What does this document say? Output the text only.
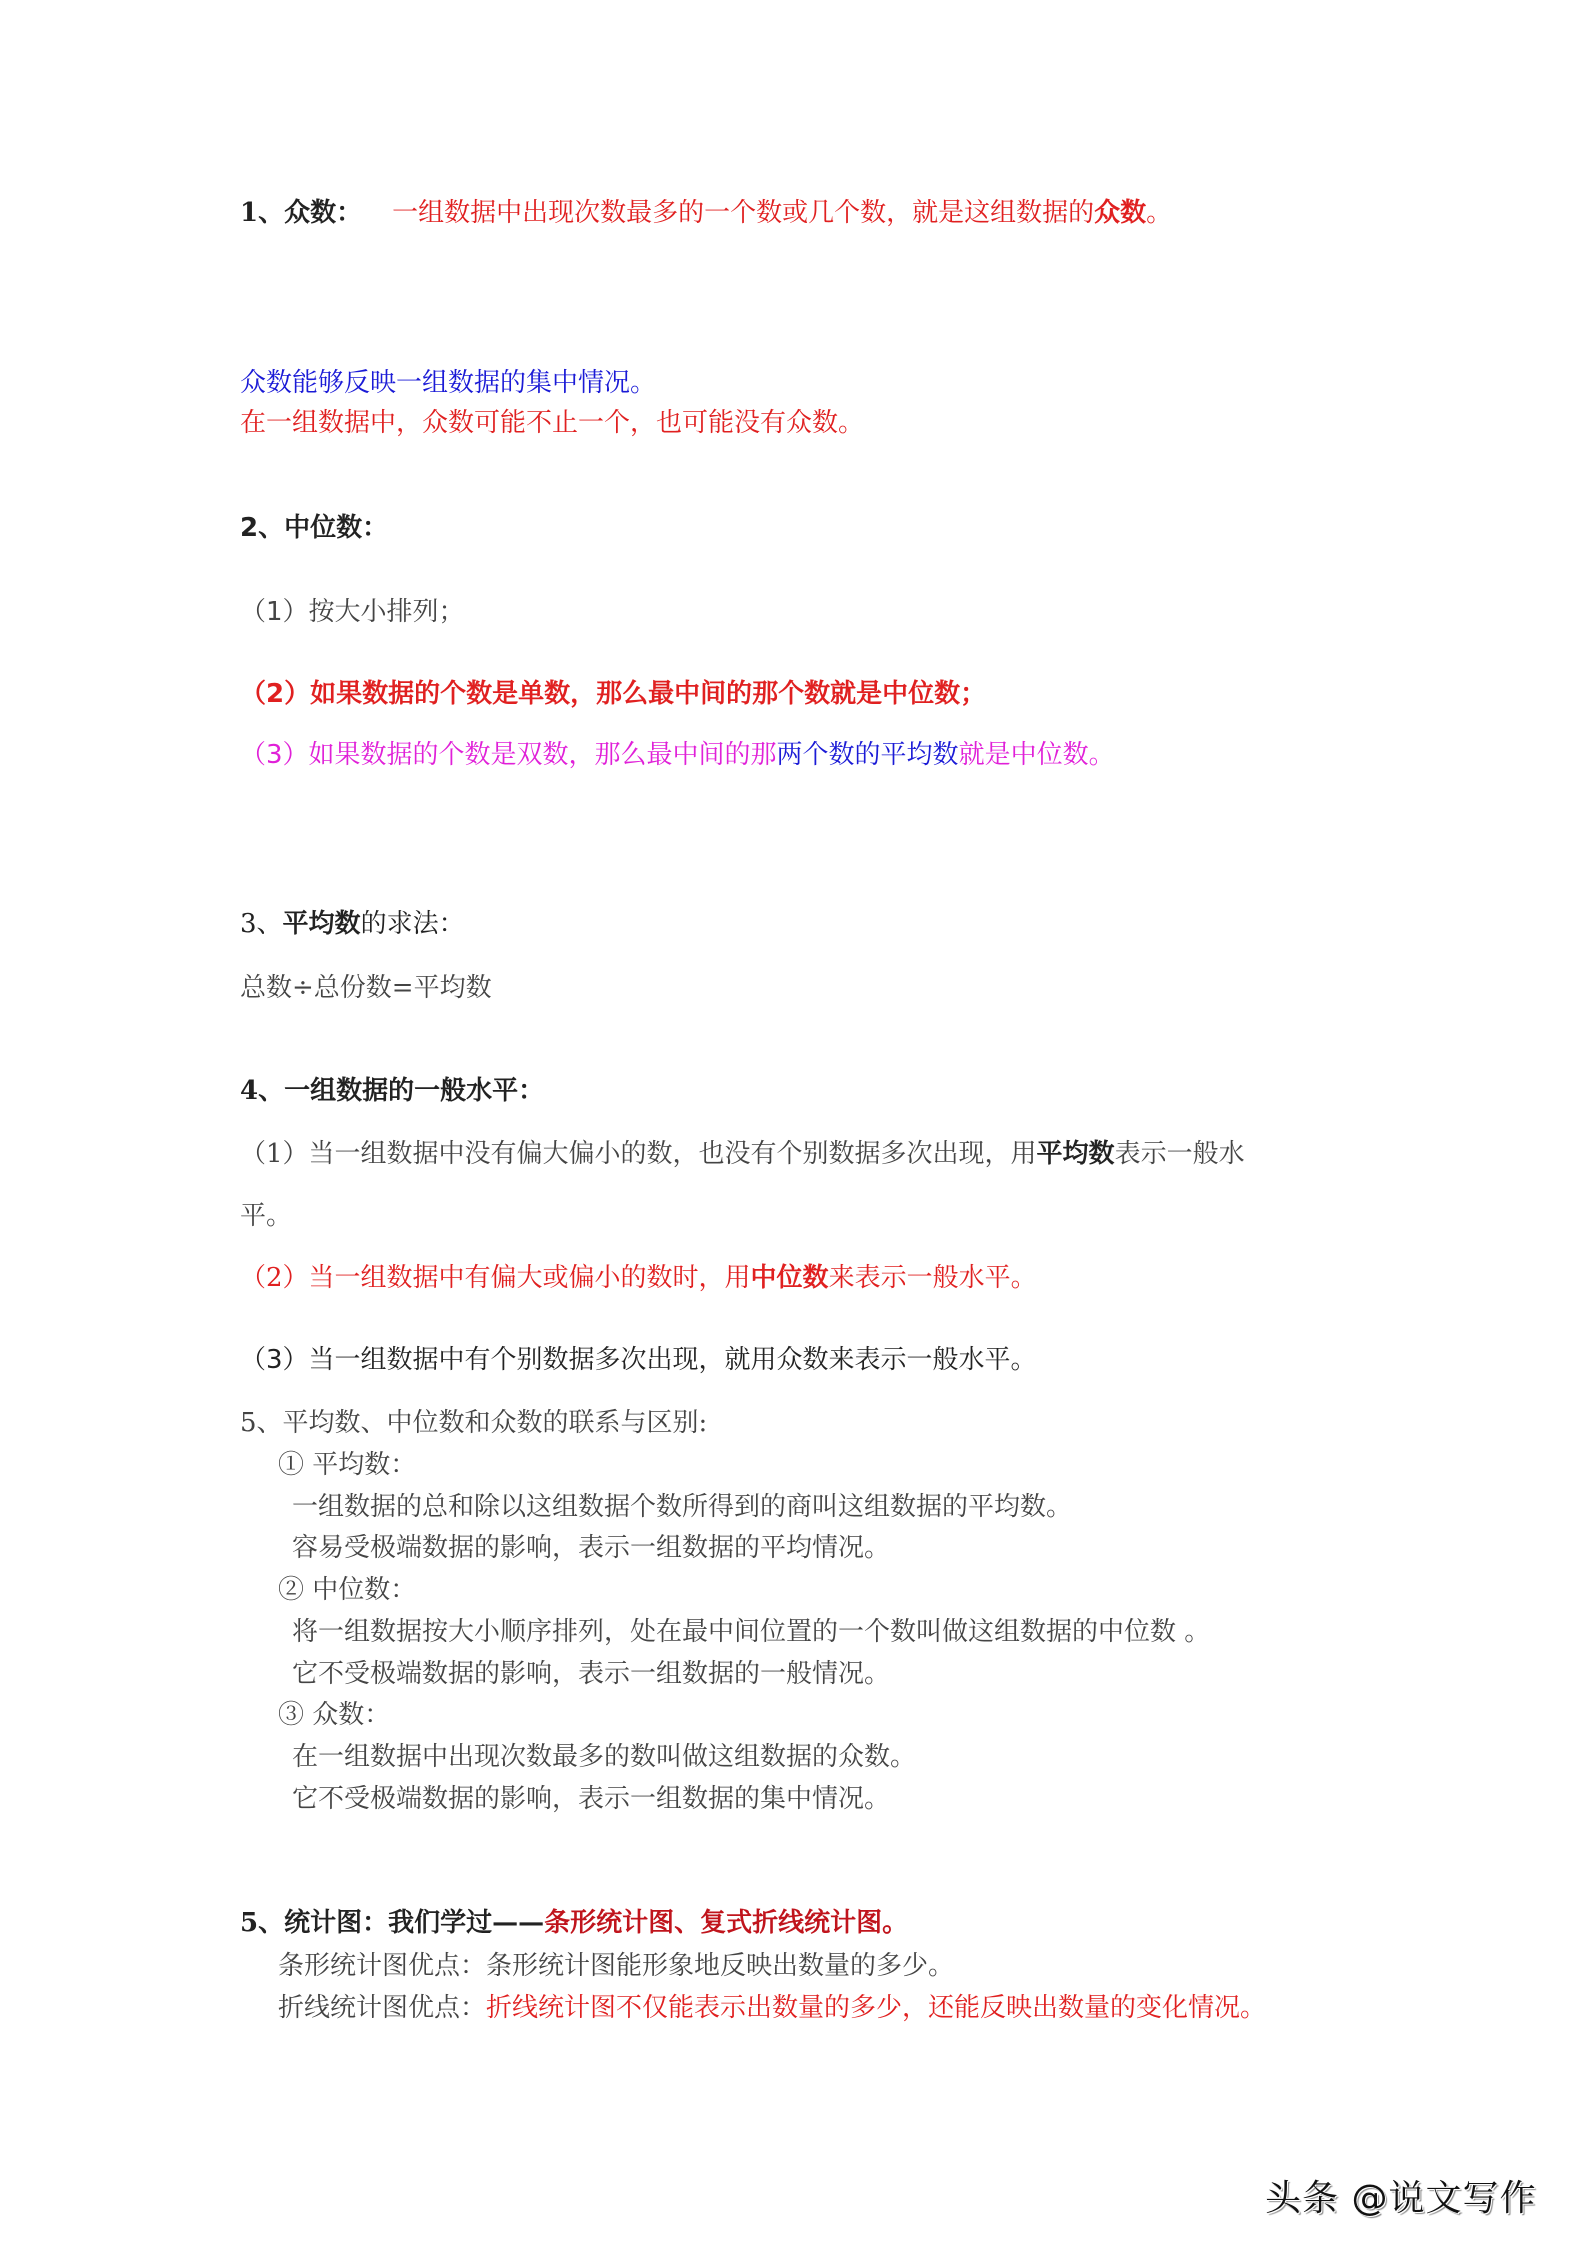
1、众数： 一组数据中出现次数最多的一个数或几个数，就是这组数据的众数。
众数能够反映一组数据的集中情况。
在一组数据中，众数可能不止一个，也可能没有众数。
2、中位数：
（1）按大小排列；
（2）如果数据的个数是单数，那么最中间的那个数就是中位数；
（3）如果数据的个数是双数，那么最中间的那两个数的平均数就是中位数。
3、平均数的求法：
总数÷总份数=平均数
4、一组数据的一般水平：
（1）当一组数据中没有偏大偏小的数，也没有个别数据多次出现，用平均数表示一般水
平。
（2）当一组数据中有偏大或偏小的数时，用中位数来表示一般水平。
（3）当一组数据中有个别数据多次出现，就用众数来表示一般水平。
5、平均数、中位数和众数的联系与区别:
① 平均数：
一组数据的总和除以这组数据个数所得到的商叫这组数据的平均数。
容易受极端数据的影响，表示一组数据的平均情况。
② 中位数：
将一组数据按大小顺序排列，处在最中间位置的一个数叫做这组数据的中位数 。
它不受极端数据的影响，表示一组数据的一般情况。
③ 众数：
在一组数据中出现次数最多的数叫做这组数据的众数。
它不受极端数据的影响，表示一组数据的集中情况。
5、统计图：我们学过——条形统计图、复式折线统计图。
条形统计图优点：条形统计图能形象地反映出数量的多少。
折线统计图优点：折线统计图不仅能表示出数量的多少，还能反映出数量的变化情况。
头条 @说文写作
